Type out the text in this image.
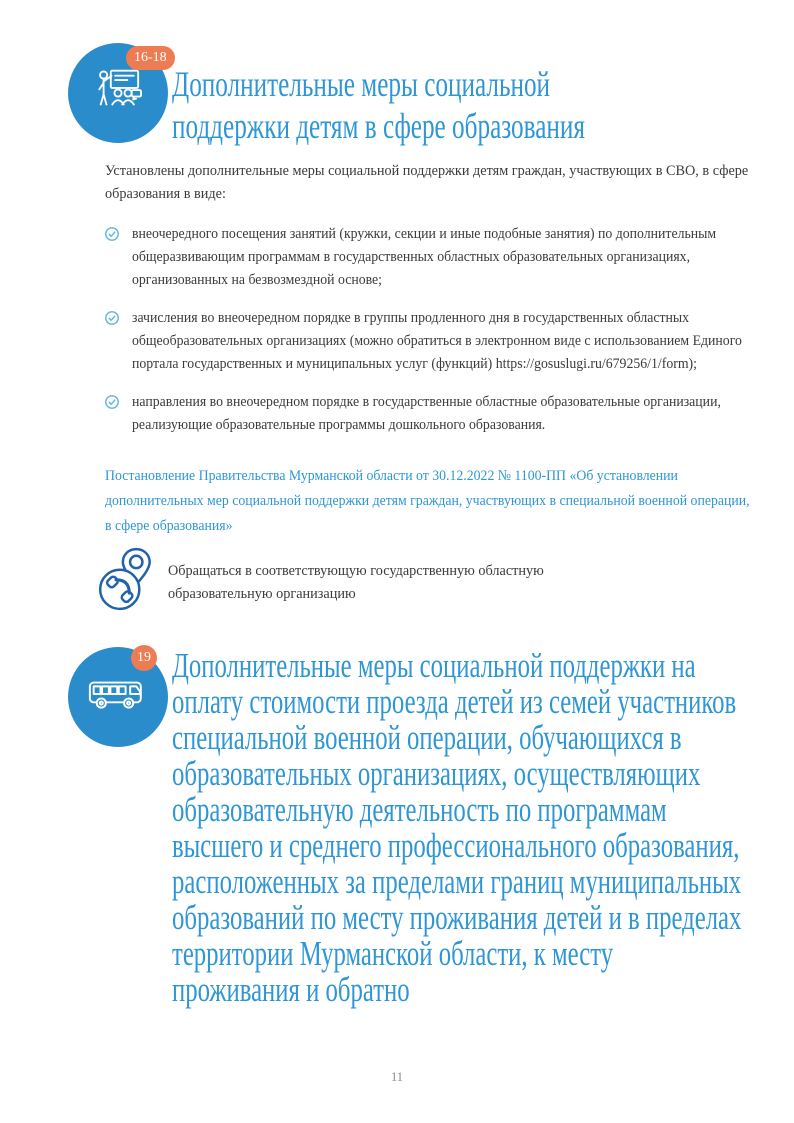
16-18
Дополнительные меры социальной поддержки детям в сфере образования
Установлены дополнительные меры социальной поддержки детям граждан, участвующих в СВО, в сфере образования в виде:
внеочередного посещения занятий (кружки, секции и иные подобные занятия) по дополнительным общеразвивающим программам в государственных областных образовательных организациях, организованных на безвозмездной основе;
зачисления во внеочередном порядке в группы продленного дня в государственных областных общеобразовательных организациях (можно обратиться в электронном виде с использованием Единого портала государственных и муниципальных услуг (функций) https://gosuslugi.ru/679256/1/form);
направления во внеочередном порядке в государственные областные образовательные организации, реализующие образовательные программы дошкольного образования.
Постановление Правительства Мурманской области от 30.12.2022 № 1100-ПП «Об установлении дополнительных мер социальной поддержки детям граждан, участвующих в специальной военной операции, в сфере образования»
Обращаться в соответствующую государственную областную образовательную организацию
19 Дополнительные меры социальной поддержки на оплату стоимости проезда детей из семей участников специальной военной операции, обучающихся в образовательных организациях, осуществляющих образовательную деятельность по программам высшего и среднего профессионального образования, расположенных за пределами границ муниципальных образований по месту проживания детей и в пределах территории Мурманской области, к месту проживания и обратно
11
